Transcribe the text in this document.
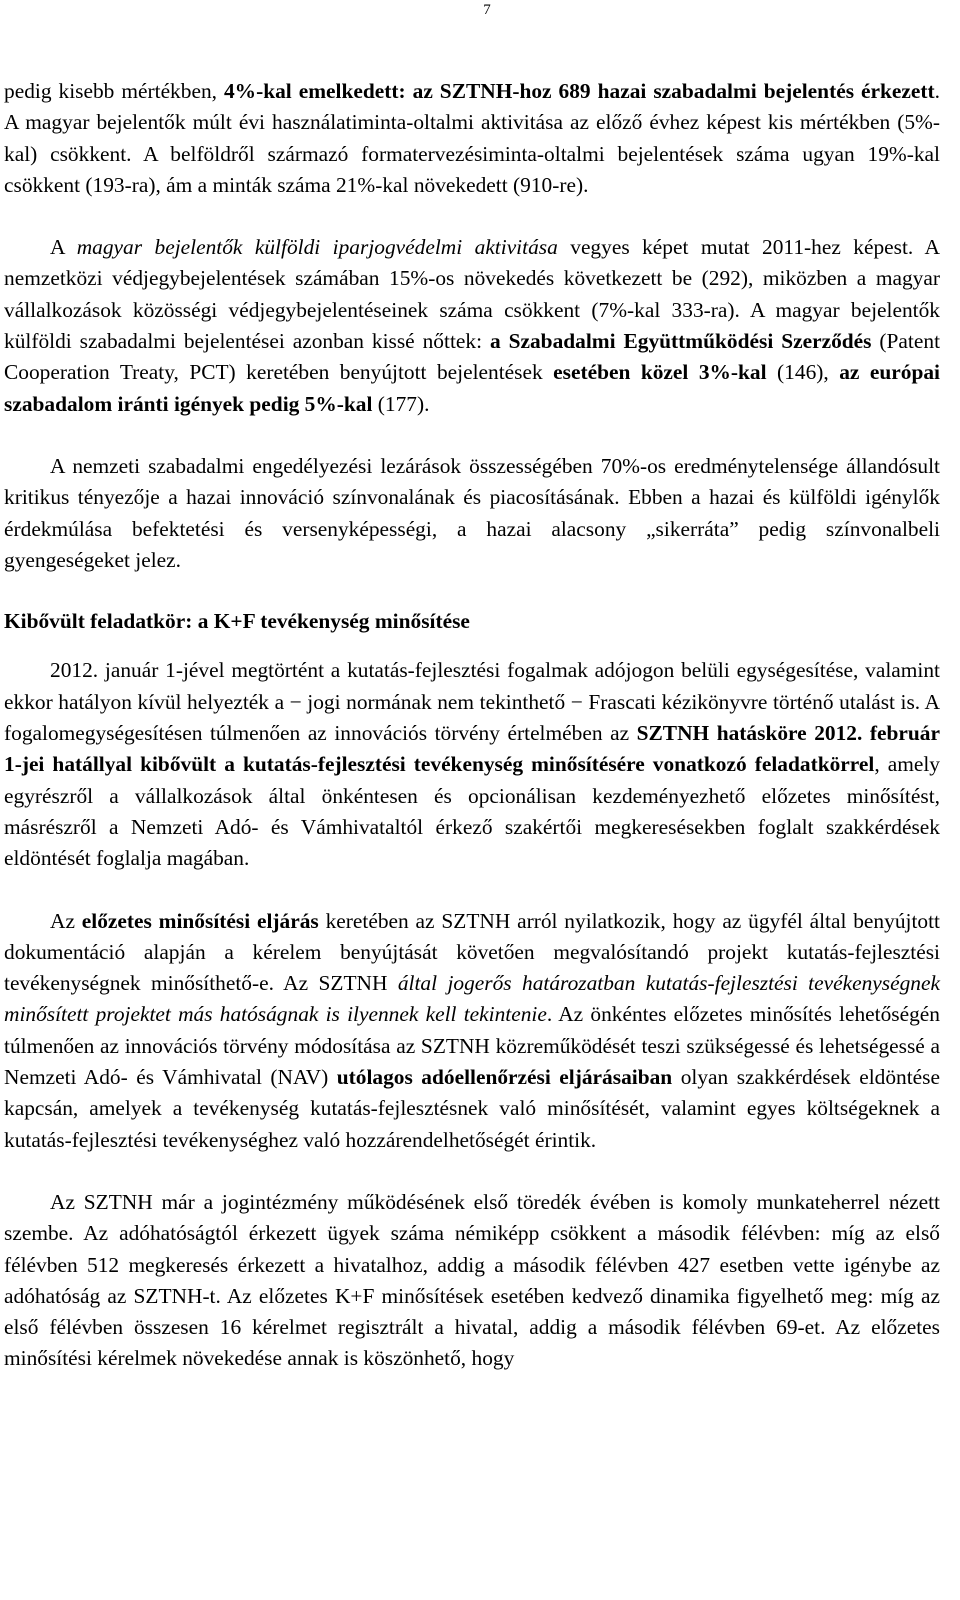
7

pedig kisebb mértékben, 4%-kal emelkedett: az SZTNH-hoz 689 hazai szabadalmi bejelentés érkezett. A magyar bejelentők múlt évi használatiminta-oltalmi aktivitása az előző évhez képest kis mértékben (5%-kal) csökkent. A belföldről származó formatervezésiminta-oltalmi bejelentések száma ugyan 19%-kal csökkent (193-ra), ám a minták száma 21%-kal növekedett (910-re).

A magyar bejelentők külföldi iparjogvédelmi aktivitása vegyes képet mutat 2011-hez képest. A nemzetközi védjegybejelentések számában 15%-os növekedés következett be (292), miközben a magyar vállalkozások közösségi védjegybejelentéseinek száma csökkent (7%-kal 333-ra). A magyar bejelentők külföldi szabadalmi bejelentései azonban kissé nőttek: a Szabadalmi Együttműködési Szerződés (Patent Cooperation Treaty, PCT) keretében benyújtott bejelentések esetében közel 3%-kal (146), az európai szabadalom iránti igények pedig 5%-kal (177).

A nemzeti szabadalmi engedélyezési lezárások összességében 70%-os eredménytelensége állandósult kritikus tényezője a hazai innováció színvonalának és piacosításának. Ebben a hazai és külföldi igénylők érdekmúlása befektetési és versenyképességi, a hazai alacsony „sikerráta” pedig színvonalbeli gyengeségeket jelez.

Kibővült feladatkör: a K+F tevékenység minősítése

2012. január 1-jével megtörtént a kutatás-fejlesztési fogalmak adójogon belüli egységesítése, valamint ekkor hatályon kívül helyezték a − jogi normának nem tekinthető − Frascati kézikönyvre történő utalást is. A fogalomegységesítésen túlmenően az innovációs törvény értelmében az SZTNH hatásköre 2012. február 1-jei hatállyal kibővült a kutatás-fejlesztési tevékenység minősítésére vonatkozó feladatkörrel, amely egyrészről a vállalkozások által önkéntesen és opcionálisan kezdeményezhető előzetes minősítést, másrészről a Nemzeti Adó- és Vámhivataltól érkező szakértői megkeresésekben foglalt szakkérdések eldöntését foglalja magában.

Az előzetes minősítési eljárás keretében az SZTNH arról nyilatkozik, hogy az ügyfél által benyújtott dokumentáció alapján a kérelem benyújtását követően megvalósítandó projekt kutatás-fejlesztési tevékenységnek minősíthető-e. Az SZTNH által jogerős határozatban kutatás-fejlesztési tevékenységnek minősített projektet más hatóságnak is ilyennek kell tekintenie. Az önkéntes előzetes minősítés lehetőségén túlmenően az innovációs törvény módosítása az SZTNH közreműködését teszi szükségessé és lehetségessé a Nemzeti Adó- és Vámhivatal (NAV) utólagos adóellenőrzési eljárásaiban olyan szakkérdések eldöntése kapcsán, amelyek a tevékenység kutatás-fejlesztésnek való minősítését, valamint egyes költségeknek a kutatás-fejlesztési tevékenységhez való hozzárendelhetőségét érintik.

Az SZTNH már a jogintézmény működésének első töredék évében is komoly munkateherrel nézett szembe. Az adóhatóságtól érkezett ügyek száma némiképp csökkent a második félévben: míg az első félévben 512 megkeresés érkezett a hivatalhoz, addig a második félévben 427 esetben vette igénybe az adóhatóság az SZTNH-t. Az előzetes K+F minősítések esetében kedvező dinamika figyelhető meg: míg az első félévben összesen 16 kérelmet regisztrált a hivatal, addig a második félévben 69-et. Az előzetes minősítési kérelmek növekedése annak is köszönhető, hogy
